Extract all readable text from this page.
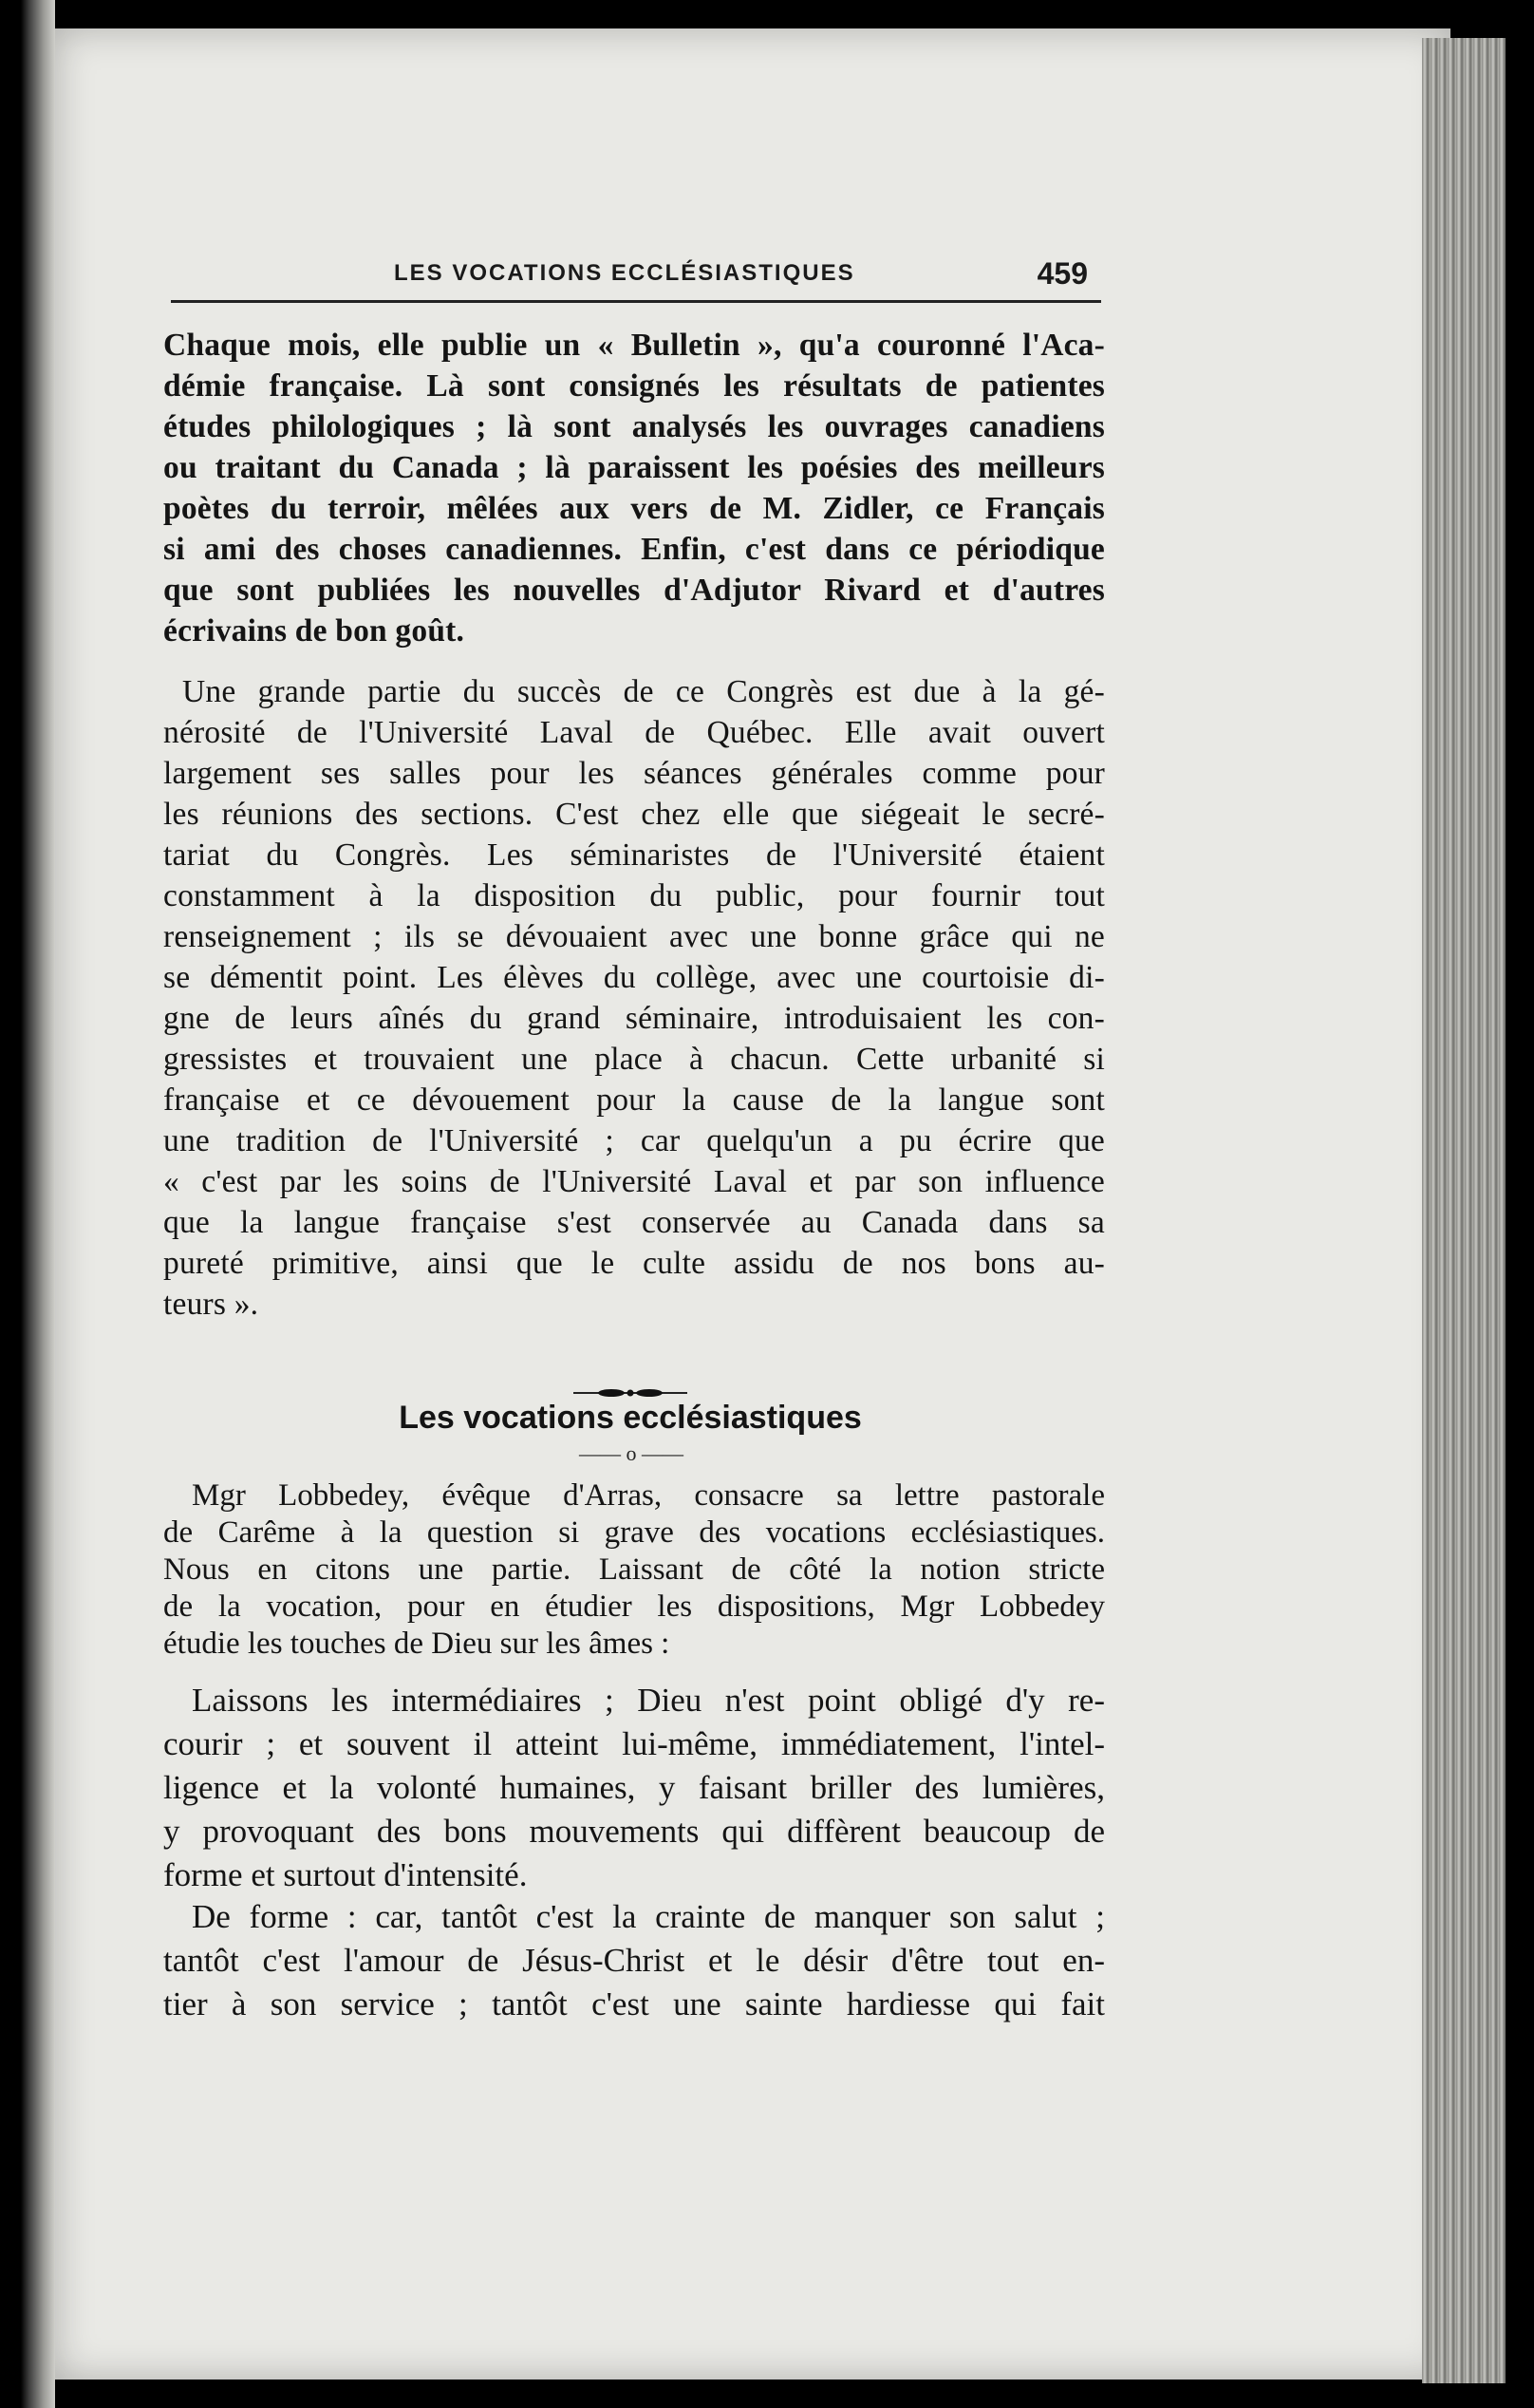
LES VOCATIONS ECCLÉSIASTIQUES	459
Chaque mois, elle publie un « Bulletin », qu'a couronné l'Aca-
démie française. Là sont consignés les résultats de patientes
études philologiques ; là sont analysés les ouvrages canadiens
ou traitant du Canada ; là paraissent les poésies des meilleurs
poètes du terroir, mêlées aux vers de M. Zidler, ce Français
si ami des choses canadiennes. Enfin, c'est dans ce périodique
que sont publiées les nouvelles d'Adjutor Rivard et d'autres
écrivains de bon goût.
Une grande partie du succès de ce Congrès est due à la gé-
nérosité de l'Université Laval de Québec. Elle avait ouvert
largement ses salles pour les séances générales comme pour
les réunions des sections. C'est chez elle que siégeait le secré-
tariat du Congrès. Les séminaristes de l'Université étaient
constamment à la disposition du public, pour fournir tout
renseignement ; ils se dévouaient avec une bonne grâce qui ne
se démentit point. Les élèves du collège, avec une courtoisie di-
gne de leurs aînés du grand séminaire, introduisaient les con-
gressistes et trouvaient une place à chacun. Cette urbanité si
française et ce dévouement pour la cause de la langue sont
une tradition de l'Université ; car quelqu'un a pu écrire que
« c'est par les soins de l'Université Laval et par son influence
que la langue française s'est conservée au Canada dans sa
pureté primitive, ainsi que le culte assidu de nos bons au-
teurs ».
Les vocations ecclésiastiques
—— o ——
Mgr Lobbedey, évêque d'Arras, consacre sa lettre pastorale
de Carême à la question si grave des vocations ecclésiastiques.
Nous en citons une partie. Laissant de côté la notion stricte
de la vocation, pour en étudier les dispositions, Mgr Lobbedey
étudie les touches de Dieu sur les âmes :
Laissons les intermédiaires ; Dieu n'est point obligé d'y re-
courir ; et souvent il atteint lui-même, immédiatement, l'intel-
ligence et la volonté humaines, y faisant briller des lumières,
y provoquant des bons mouvements qui diffèrent beaucoup de
forme et surtout d'intensité.
De forme : car, tantôt c'est la crainte de manquer son salut ;
tantôt c'est l'amour de Jésus-Christ et le désir d'être tout en-
tier à son service ; tantôt c'est une sainte hardiesse qui fait
